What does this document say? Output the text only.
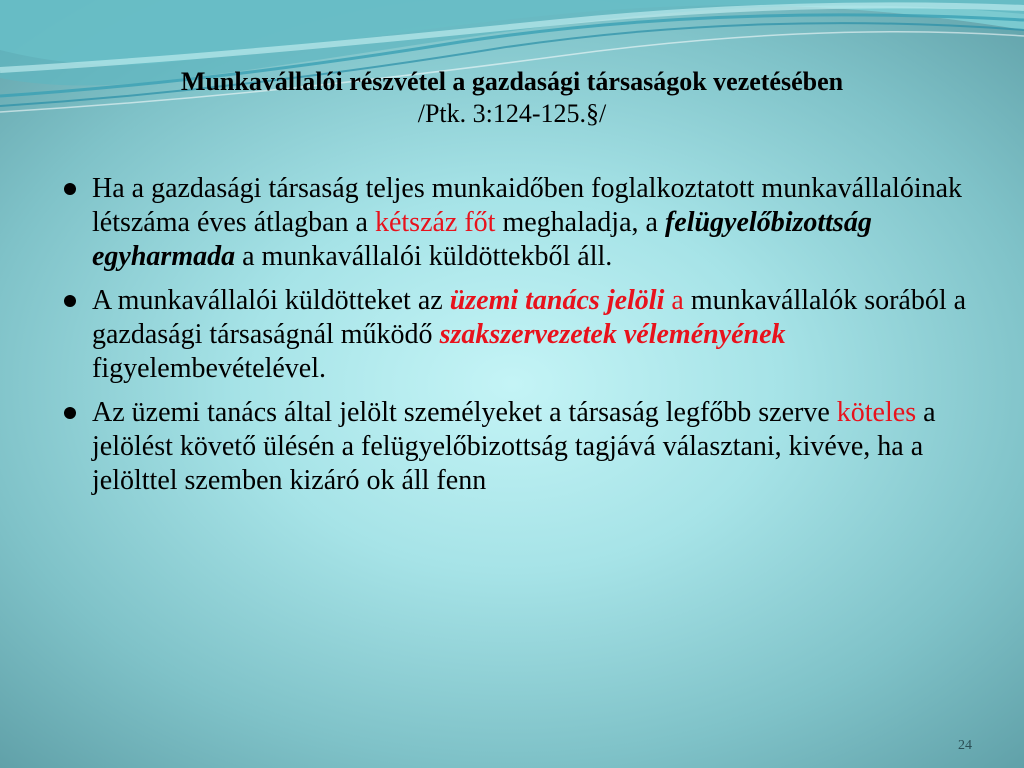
Munkavállalói részvétel a gazdasági társaságok vezetésében
/Ptk. 3:124-125.§/
Ha a gazdasági társaság teljes munkaidőben foglalkoztatott munkavállalóinak létszáma éves átlagban a kétszáz főt meghaladja, a felügyelőbizottság egyharmada a munkavállalói küldöttekből áll.
A munkavállalói küldötteket az üzemi tanács jelöli a munkavállalók sorából a gazdasági társaságnál működő szakszervezetek véleményének figyelembevételével.
Az üzemi tanács által jelölt személyeket a társaság legfőbb szerve köteles a jelölést követő ülésén a felügyelőbizottság tagjává választani, kivéve, ha a jelölttel szemben kizáró ok áll fenn
24
